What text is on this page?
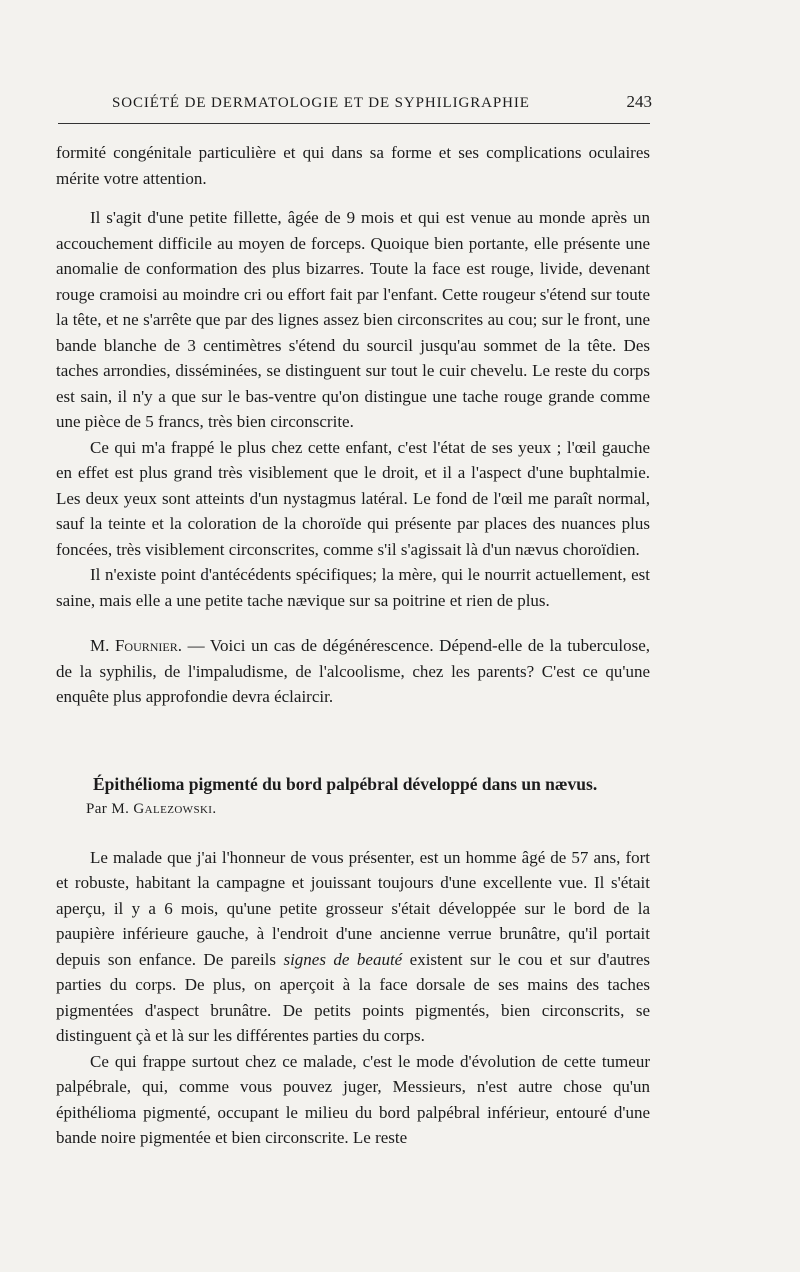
SOCIÉTÉ DE DERMATOLOGIE ET DE SYPHILIGRAPHIE	243

formité congénitale particulière et qui dans sa forme et ses complications oculaires mérite votre attention.

Il s'agit d'une petite fillette, âgée de 9 mois et qui est venue au monde après un accouchement difficile au moyen de forceps. Quoique bien portante, elle présente une anomalie de conformation des plus bizarres. Toute la face est rouge, livide, devenant rouge cramoisi au moindre cri ou effort fait par l'enfant. Cette rougeur s'étend sur toute la tête, et ne s'arrête que par des lignes assez bien circonscrites au cou; sur le front, une bande blanche de 3 centimètres s'étend du sourcil jusqu'au sommet de la tête. Des taches arrondies, disséminées, se distinguent sur tout le cuir chevelu. Le reste du corps est sain, il n'y a que sur le bas-ventre qu'on distingue une tache rouge grande comme une pièce de 5 francs, très bien circonscrite.

Ce qui m'a frappé le plus chez cette enfant, c'est l'état de ses yeux ; l'œil gauche en effet est plus grand très visiblement que le droit, et il a l'aspect d'une buphtalmie. Les deux yeux sont atteints d'un nystagmus latéral. Le fond de l'œil me paraît normal, sauf la teinte et la coloration de la choroïde qui présente par places des nuances plus foncées, très visiblement circonscrites, comme s'il s'agissait là d'un nævus choroïdien.

Il n'existe point d'antécédents spécifiques; la mère, qui le nourrit actuellement, est saine, mais elle a une petite tache nævique sur sa poitrine et rien de plus.

M. Fournier. — Voici un cas de dégénérescence. Dépend-elle de la tuberculose, de la syphilis, de l'impaludisme, de l'alcoolisme, chez les parents? C'est ce qu'une enquête plus approfondie devra éclaircir.

Épithélioma pigmenté du bord palpébral développé dans un nævus.

Par M. Galezowski.

Le malade que j'ai l'honneur de vous présenter, est un homme âgé de 57 ans, fort et robuste, habitant la campagne et jouissant toujours d'une excellente vue. Il s'était aperçu, il y a 6 mois, qu'une petite grosseur s'était développée sur le bord de la paupière inférieure gauche, à l'endroit d'une ancienne verrue brunâtre, qu'il portait depuis son enfance. De pareils signes de beauté existent sur le cou et sur d'autres parties du corps. De plus, on aperçoit à la face dorsale de ses mains des taches pigmentées d'aspect brunâtre. De petits points pigmentés, bien circonscrits, se distinguent çà et là sur les différentes parties du corps.

Ce qui frappe surtout chez ce malade, c'est le mode d'évolution de cette tumeur palpébrale, qui, comme vous pouvez juger, Messieurs, n'est autre chose qu'un épithélioma pigmenté, occupant le milieu du bord palpébral inférieur, entouré d'une bande noire pigmentée et bien circonscrite. Le reste
